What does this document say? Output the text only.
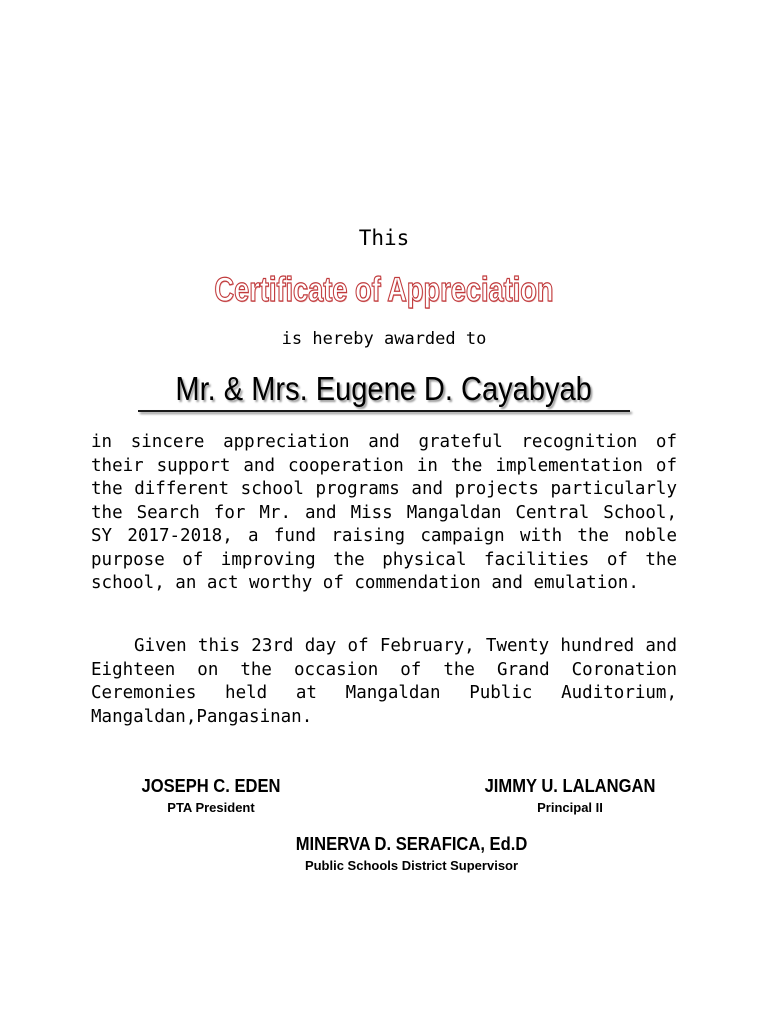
This
Certificate of Appreciation
is hereby awarded to
Mr. & Mrs. Eugene D. Cayabyab
in sincere appreciation and grateful recognition of their support and cooperation in the implementation of the different school programs and projects particularly the Search for Mr. and Miss Mangaldan Central School, SY 2017-2018, a fund raising campaign with the noble purpose of improving the physical facilities of the school, an act worthy of commendation and emulation.
Given this 23rd day of February, Twenty hundred and Eighteen on the occasion of the Grand Coronation Ceremonies held at Mangaldan Public Auditorium, Mangaldan,Pangasinan.
JOSEPH C. EDEN
PTA President
JIMMY U. LALANGAN
Principal II
MINERVA D. SERAFICA, Ed.D
Public Schools District Supervisor
